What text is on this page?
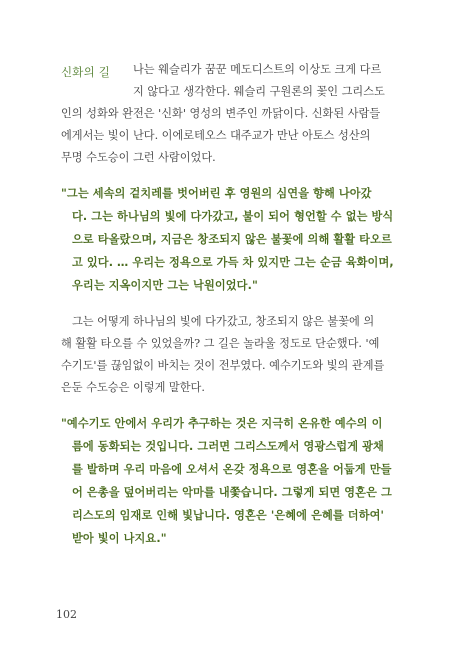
신화의 길 나는 웨슬리가 꿈꾼 메도디스트의 이상도 크게 다르
지 않다고 생각한다. 웨슬리 구원론의 꽃인 그리스도
인의 성화와 완전은 '신화' 영성의 변주인 까닭이다. 신화된 사람들
에게서는 빛이 난다. 이에로테오스 대주교가 만난 아토스 성산의
무명 수도승이 그런 사람이었다.
"그는 세속의 겉치레를 벗어버린 후 영원의 심연을 향해 나아갔
다. 그는 하나님의 빛에 다가갔고, 불이 되어 형언할 수 없는 방식
으로 타올랐으며, 지금은 창조되지 않은 불꽃에 의해 활활 타오르
고 있다. … 우리는 정욕으로 가득 차 있지만 그는 순금 육화이며,
우리는 지옥이지만 그는 낙원이었다."
그는 어떻게 하나님의 빛에 다가갔고, 창조되지 않은 불꽃에 의
해 활활 타오를 수 있었을까? 그 길은 놀라울 정도로 단순했다. '예
수기도'를 끊임없이 바치는 것이 전부였다. 예수기도와 빛의 관계를
은둔 수도승은 이렇게 말한다.
"예수기도 안에서 우리가 추구하는 것은 지극히 온유한 예수의 이
름에 동화되는 것입니다. 그러면 그리스도께서 영광스럽게 광채
를 발하며 우리 마음에 오셔서 온갖 정욕으로 영혼을 어둡게 만들
어 은총을 덮어버리는 악마를 내쫓습니다. 그렇게 되면 영혼은 그
리스도의 임재로 인해 빛납니다. 영혼은 '은혜에 은혜를 더하여'
받아 빛이 나지요."
102
